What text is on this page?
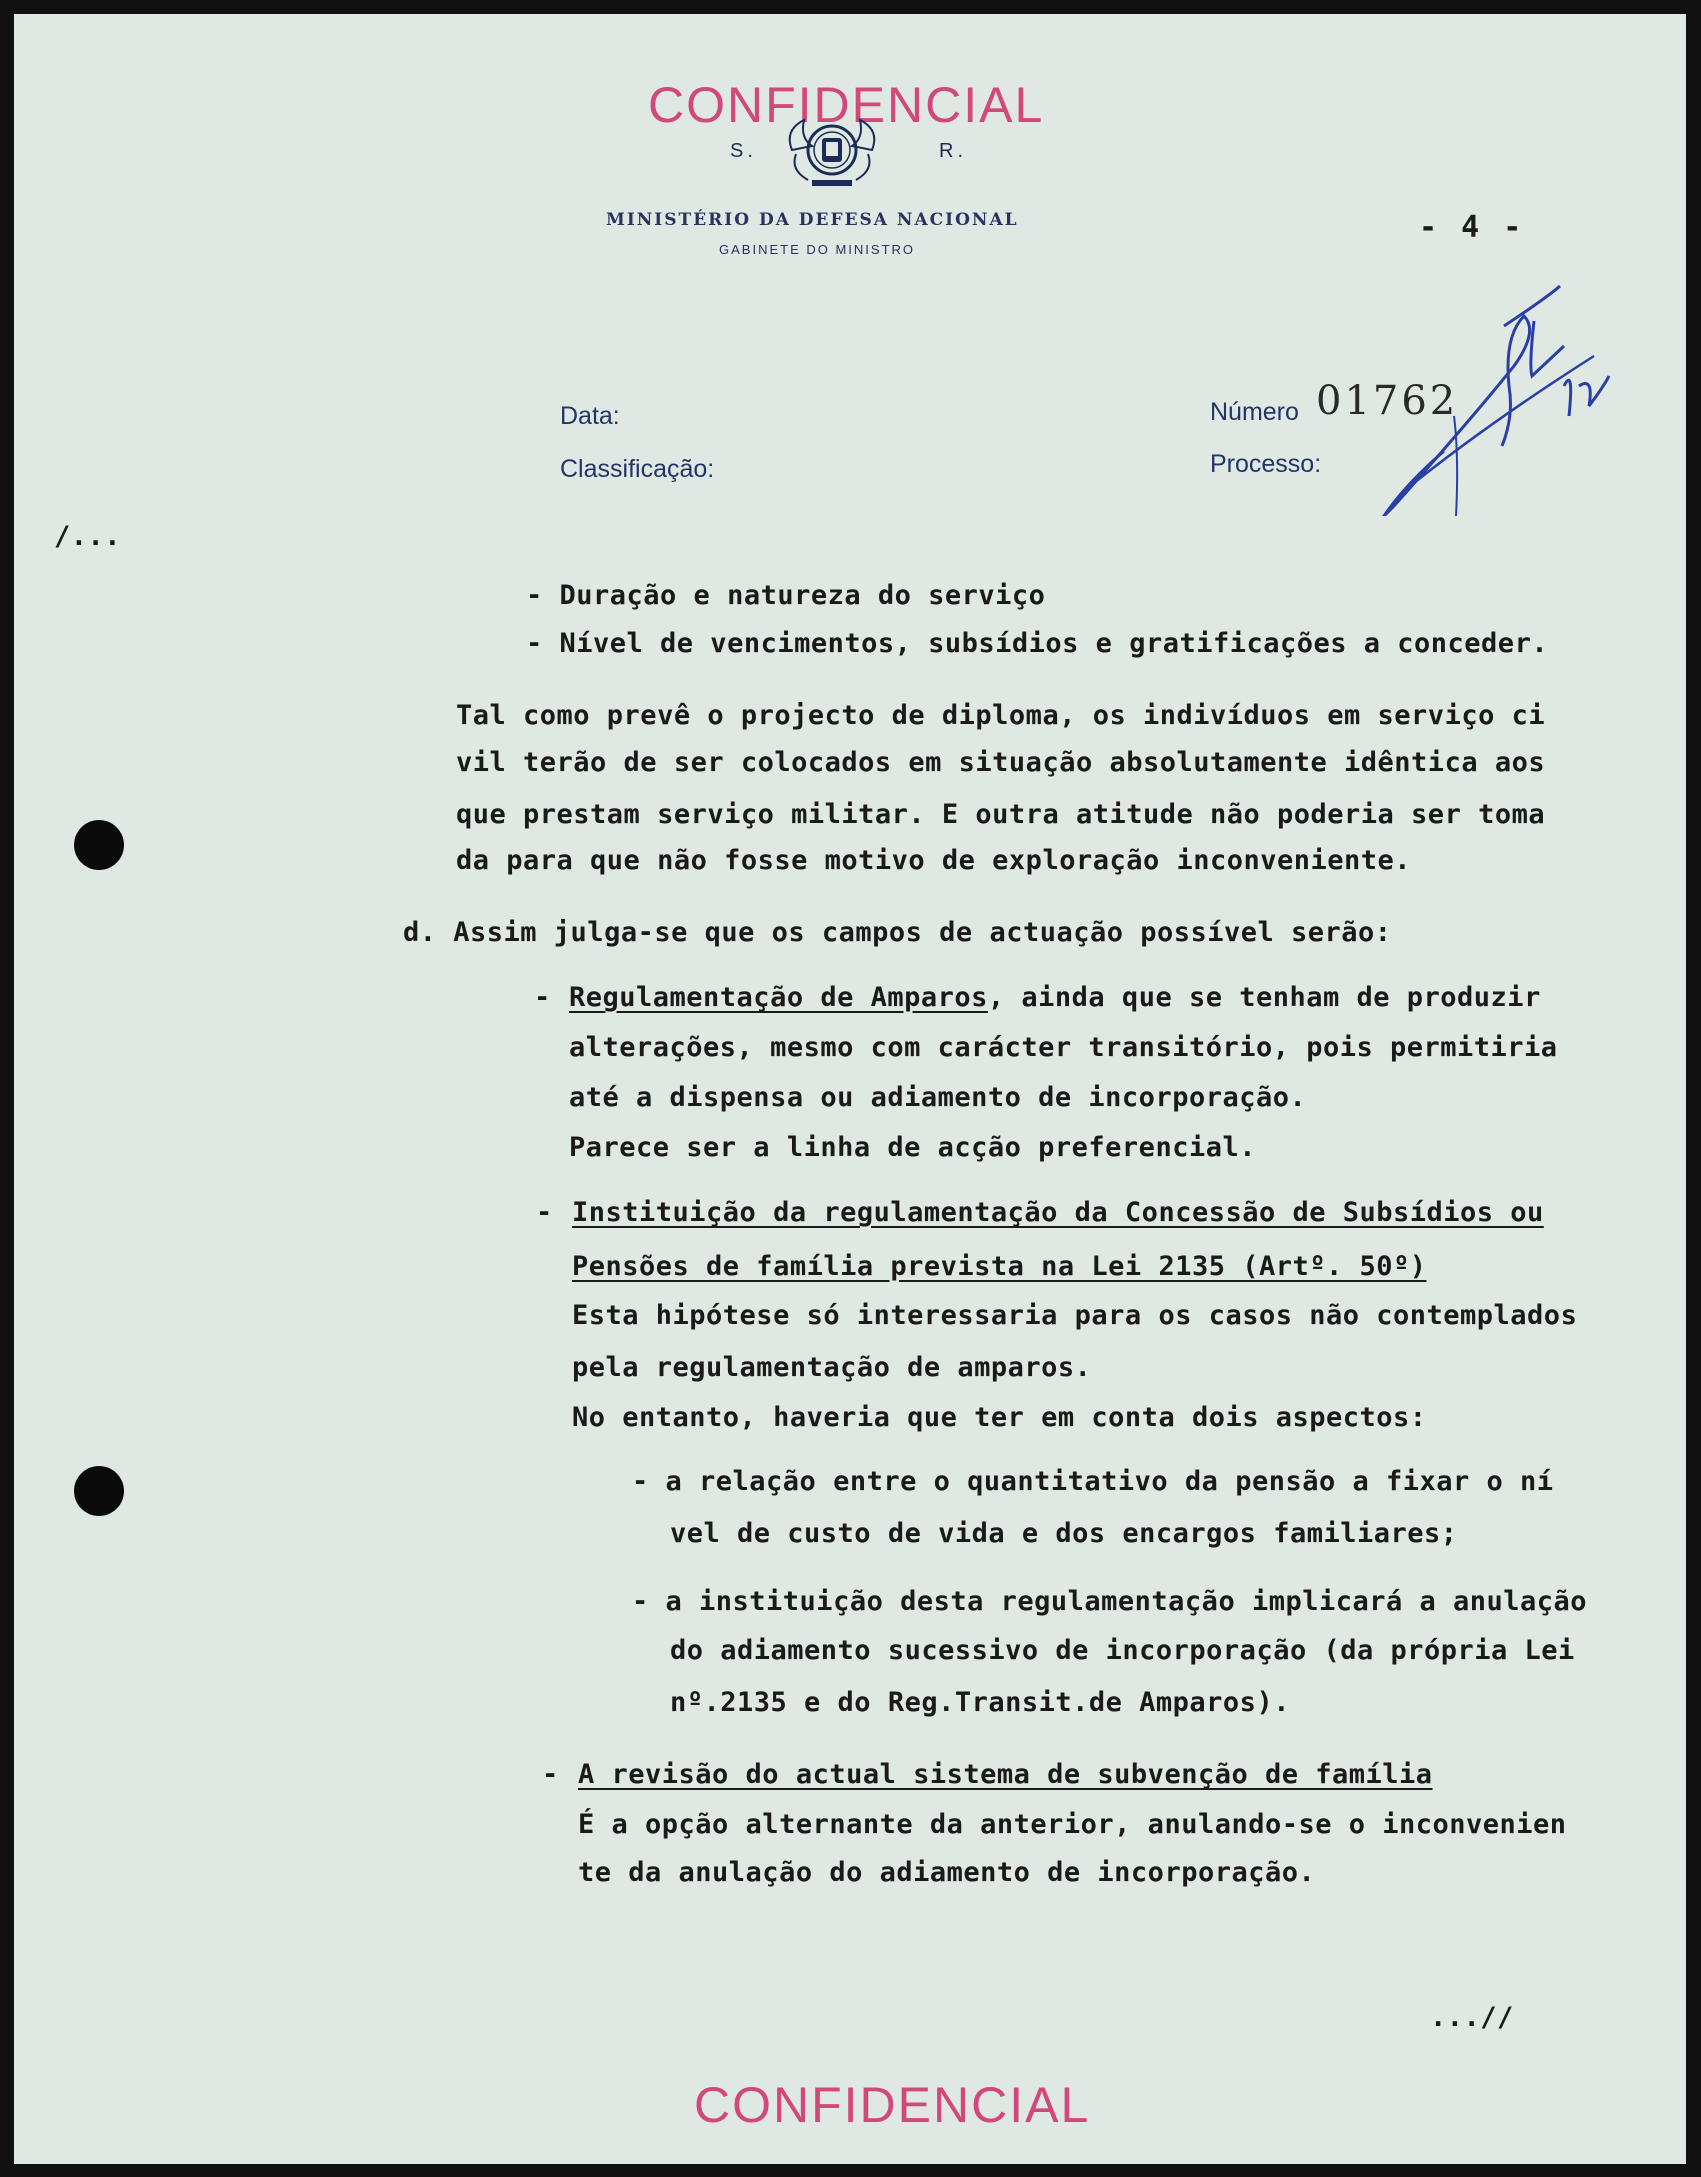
CONFIDENCIAL
S.	R.
MINISTÉRIO DA DEFESA NACIONAL
GABINETE DO MINISTRO
- 4 -
Data:
Classificação:
Número 01762
Processo:
/...
- Duração e natureza do serviço
- Nível de vencimentos, subsídios e gratificações a conceder.
Tal como prevê o projecto de diploma, os indivíduos em serviço ci
vil terão de ser colocados em situação absolutamente idêntica aos
que prestam serviço militar. E outra atitude não poderia ser toma
da para que não fosse motivo de exploração inconveniente.
d. Assim julga-se que os campos de actuação possível serão:
- Regulamentação de Amparos, ainda que se tenham de produzir
alterações, mesmo com carácter transitório, pois permitiria
até a dispensa ou adiamento de incorporação.
Parece ser a linha de acção preferencial.
- Instituição da regulamentação da Concessão de Subsídios ou
Pensões de família prevista na Lei 2135 (Artº. 50º)
Esta hipótese só interessaria para os casos não contemplados
pela regulamentação de amparos.
No entanto, haveria que ter em conta dois aspectos:
- a relação entre o quantitativo da pensão a fixar o ní
vel de custo de vida e dos encargos familiares;
- a instituição desta regulamentação implicará a anulação
do adiamento sucessivo de incorporação (da própria Lei
nº.2135 e do Reg.Transit.de Amparos).
- A revisão do actual sistema de subvenção de família
É a opção alternante da anterior, anulando-se o inconvenien
te da anulação do adiamento de incorporação.
...//
CONFIDENCIAL
